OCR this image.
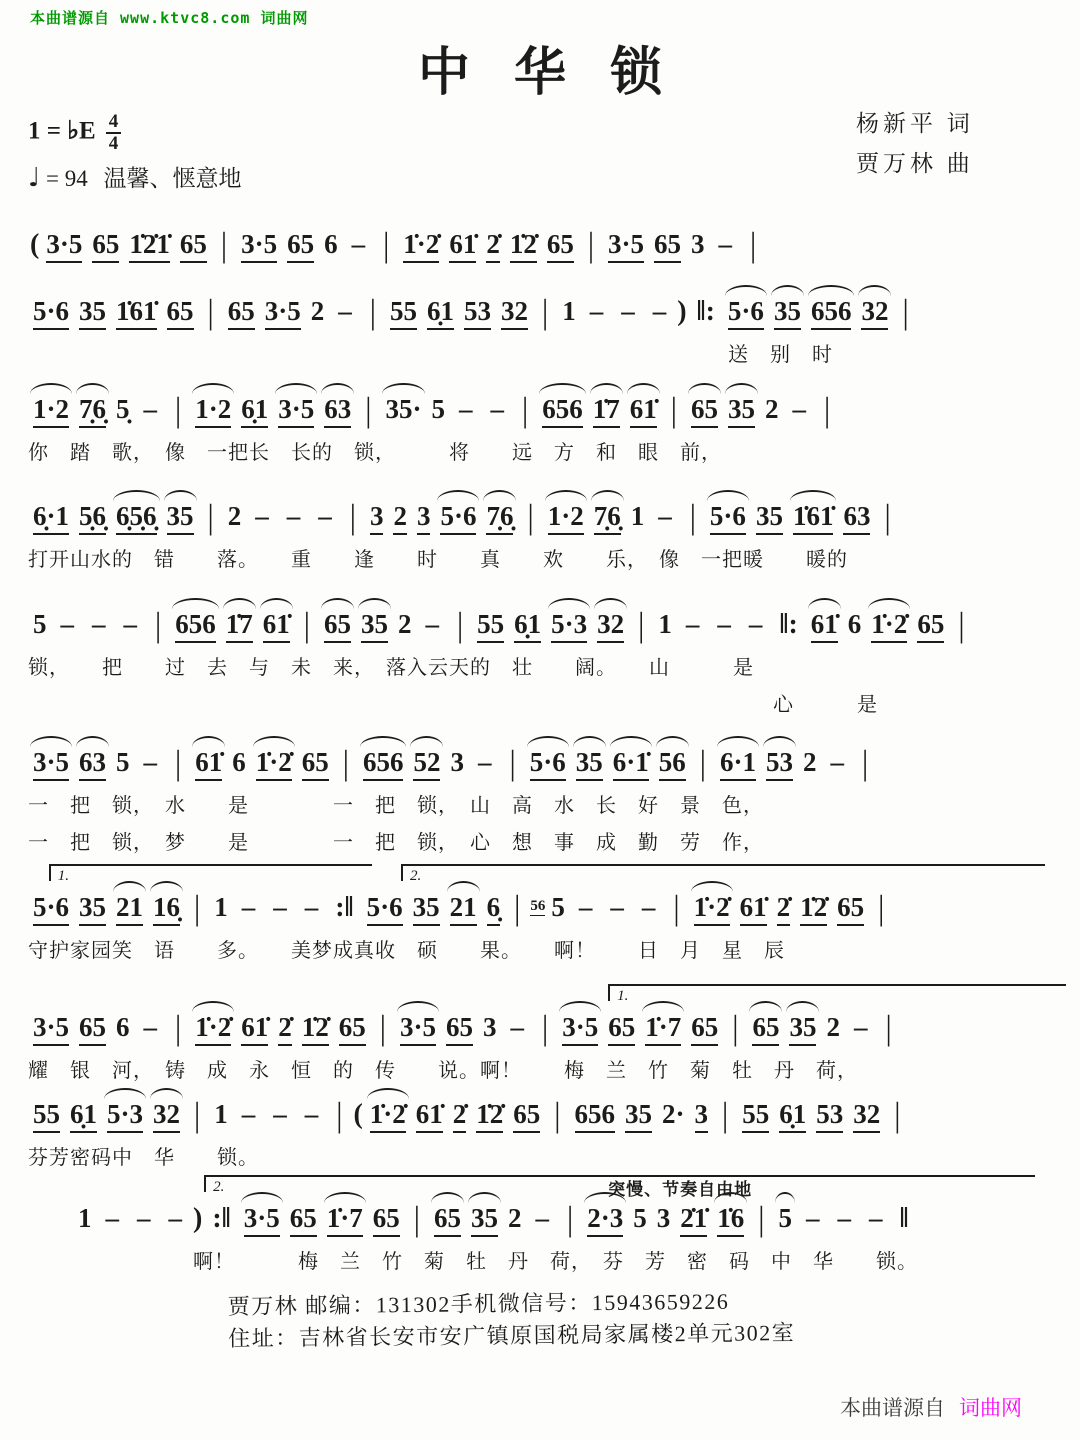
本曲谱源自 www.ktvc8.com 词曲网
中华锁
杨新平 词
贾万林 曲
1 = ♭E $\frac{4}{4}$
♩ = 94 温馨、惬意地
( 3·5 65 1̇2̇1̇ 65 | 3·5 65 6 – | 1̇·2̇ 61̇ 2̇ 1̇2̇ 65 | 3·5 65 3 – |
5·6 35 1̇61̇ 65 | 65 3·5 2 – | 55 6̣1 53 32 | 1 – – – ) ‖: 5·6 35 656 32 |
送　别　时
1·2 7̣6̣ 5̣ – | 1·2 6̣1 3·5 63 | 35· 5 – – | 656 1̇7 61̇ | 65 35 2 – |
你　踏　歌，　像　一把长　长的　锁，　　　将　　远　方　和　眼　前，
6̣·1 5̣6̣ 6̣5̣6̣ 35 | 2 – – – | 3 2 3 5·6 7̣6̣ | 1·2 7̣6̣ 1 – | 5·6 35 1̇61̇ 63 |
打开山水的　错　　落。　　重　　逢　　时　　真　　欢　　乐，　像　一把暖　　暖的
5 – – – | 656 1̇7 61̇ | 65 35 2 – | 55 6̣1 5·3 32 | 1 – – – ‖: 61̇ 6 1̇·2̇ 65 |
锁，　　把　　过　去　与　未　来，　落入云天的　壮　　阔。　　山　　　是
心　　　是
3·5 63 5 – | 61̇ 6 1̇·2̇ 65 | 656 52 3 – | 5·6 35 6·1̇ 56 | 6·1 53 2 – |
一　把　锁，　水　　是　　　　一　把　锁，　山　高　水　长　好　景　色，
一　把　锁，　梦　　是　　　　一　把　锁，　心　想　事　成　勤　劳　作，
1.	2.
5·6 35 21 16̣ | 1 – – – :‖ 5·6 35 21 6̣ | 56 5 – – – | 1̇·2̇ 61̇ 2̇ 1̇2̇ 65 |
守护家园笑　语　　多。　　美梦成真收　硕　　果。　　啊！　　日　月　星　辰
1.
3·5 65 6 – | 1̇·2̇ 61̇ 2̇ 1̇2̇ 65 | 3·5 65 3 – | 3·5 65 1̇·7 65 | 65 35 2 – |
耀　银　河，　铸　成　永　恒　的　传　　说。啊！　　梅　兰　竹　菊　牡　丹　荷，
55 6̣1 5·3 32 | 1 – – – | ( 1̇·2̇ 61̇ 2̇ 1̇2̇ 65 | 656 35 2· 3 | 55 6̣1 53 32 |
芬芳密码中　华　　锁。
2.	突慢、节奏自由地
1 – – – ) :‖ 3·5 65 1̇·7 65 | 65 35 2 – | 2·3 5 3 2̇1̇ 1̇6 | 5 – – – ‖
啊！　　　梅　兰　竹　菊　牡　丹　荷，　芬　芳　密　码　中　华　　锁。
贾万林 邮编：131302手机微信号：15943659226
住址：吉林省长安市安广镇原国税局家属楼2单元302室
本曲谱源自 词曲网
